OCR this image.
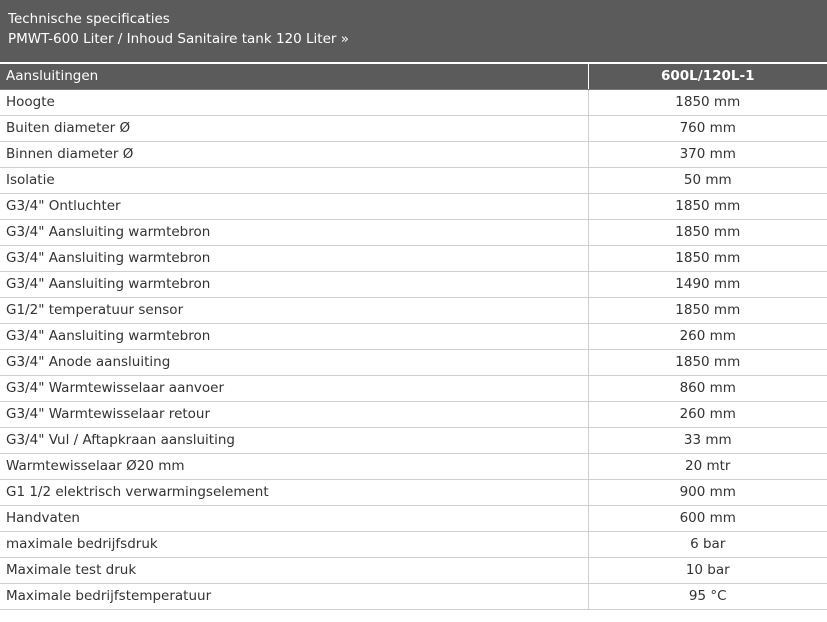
Technische specificaties
PMWT-600 Liter / Inhoud Sanitaire tank 120 Liter »
Aansluitingen	600L/120L-1
Hoogte	1850 mm
Buiten diameter Ø	760 mm
Binnen diameter Ø	370 mm
Isolatie	50 mm
G3/4" Ontluchter	1850 mm
G3/4" Aansluiting warmtebron	1850 mm
G3/4" Aansluiting warmtebron	1850 mm
G3/4" Aansluiting warmtebron	1490 mm
G1/2" temperatuur sensor	1850 mm
G3/4" Aansluiting warmtebron	260 mm
G3/4" Anode aansluiting	1850 mm
G3/4" Warmtewisselaar aanvoer	860 mm
G3/4" Warmtewisselaar retour	260 mm
G3/4" Vul / Aftapkraan aansluiting	33 mm
Warmtewisselaar Ø20 mm	20 mtr
G1 1/2 elektrisch verwarmingselement	900 mm
Handvaten	600 mm
maximale bedrijfsdruk	6 bar
Maximale test druk	10 bar
Maximale bedrijfstemperatuur	95 °C
